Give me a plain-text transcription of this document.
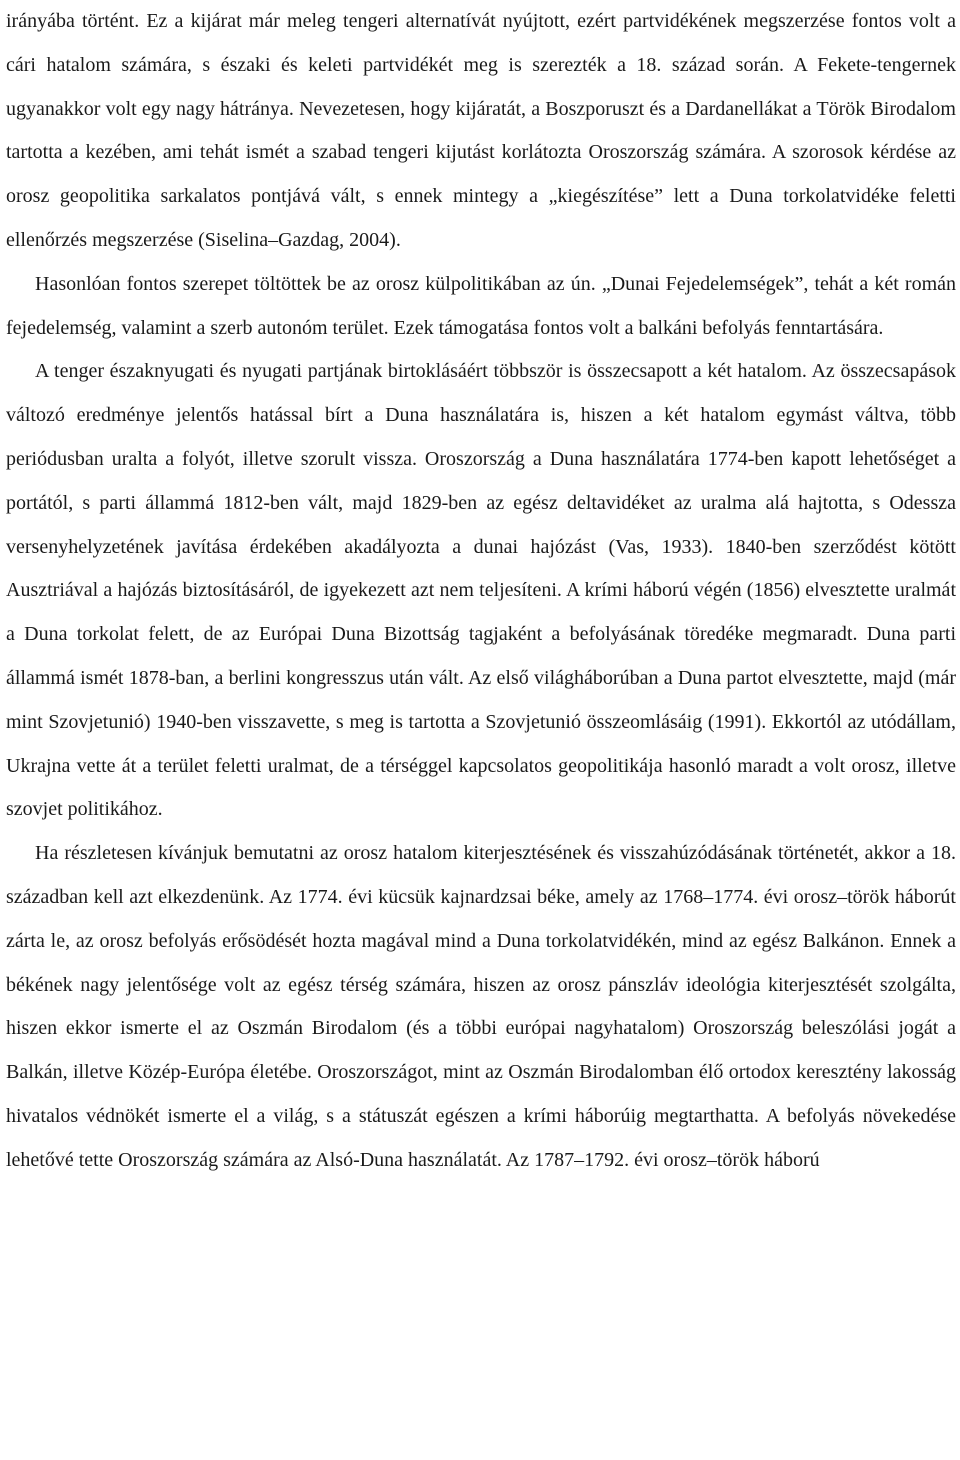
irányába történt. Ez a kijárat már meleg tengeri alternatívát nyújtott, ezért partvidékének megszerzése fontos volt a cári hatalom számára, s északi és keleti partvidékét meg is szerezték a 18. század során. A Fekete-tengernek ugyanakkor volt egy nagy hátránya. Nevezetesen, hogy kijáratát, a Boszporuszt és a Dardanellákat a Török Birodalom tartotta a kezében, ami tehát ismét a szabad tengeri kijutást korlátozta Oroszország számára. A szorosok kérdése az orosz geopolitika sarkalatos pontjává vált, s ennek mintegy a „kiegészítése” lett a Duna torkolatvidéke feletti ellenőrzés megszerzése (Siselina–Gazdag, 2004).

Hasonlóan fontos szerepet töltöttek be az orosz külpolitikában az ún. „Dunai Fejedelemségek”, tehát a két román fejedelemség, valamint a szerb autonóm terület. Ezek támogatása fontos volt a balkáni befolyás fenntartására.

A tenger északnyugati és nyugati partjának birtoklásáért többször is összecsapott a két hatalom. Az összecsapások változó eredménye jelentős hatással bírt a Duna használatára is, hiszen a két hatalom egymást váltva, több periódusban uralta a folyót, illetve szorult vissza. Oroszország a Duna használatára 1774-ben kapott lehetőséget a portától, s parti állammá 1812-ben vált, majd 1829-ben az egész deltavidéket az uralma alá hajtotta, s Odessza versenyhelyzetének javítása érdekében akadályozta a dunai hajózást (Vas, 1933). 1840-ben szerződést kötött Ausztriával a hajózás biztosításáról, de igyekezett azt nem teljesíteni. A krími háború végén (1856) elvesztette uralmát a Duna torkolat felett, de az Európai Duna Bizottság tagjaként a befolyásának töredéke megmaradt. Duna parti állammá ismét 1878-ban, a berlini kongresszus után vált. Az első világháborúban a Duna partot elvesztette, majd (már mint Szovjetunió) 1940-ben visszavette, s meg is tartotta a Szovjetunió összeomlásáig (1991). Ekkortól az utódállam, Ukrajna vette át a terület feletti uralmat, de a térséggel kapcsolatos geopolitikája hasonló maradt a volt orosz, illetve szovjet politikához.

Ha részletesen kívánjuk bemutatni az orosz hatalom kiterjesztésének és visszahúzódásának történetét, akkor a 18. században kell azt elkezdenünk. Az 1774. évi kücsük kajnardzsai béke, amely az 1768–1774. évi orosz–török háborút zárta le, az orosz befolyás erősödését hozta magával mind a Duna torkolatvidékén, mind az egész Balkánon. Ennek a békének nagy jelentősége volt az egész térség számára, hiszen az orosz pánszláv ideológia kiterjesztését szolgálta, hiszen ekkor ismerte el az Oszmán Birodalom (és a többi európai nagyhatalom) Oroszország beleszólási jogát a Balkán, illetve Közép-Európa életébe. Oroszországot, mint az Oszmán Birodalomban élő ortodox keresztény lakosság hivatalos védnökét ismerte el a világ, s a státuszát egészen a krími háborúig megtarthatta. A befolyás növekedése lehetővé tette Oroszország számára az Alsó-Duna használatát. Az 1787–1792. évi orosz–török háború
